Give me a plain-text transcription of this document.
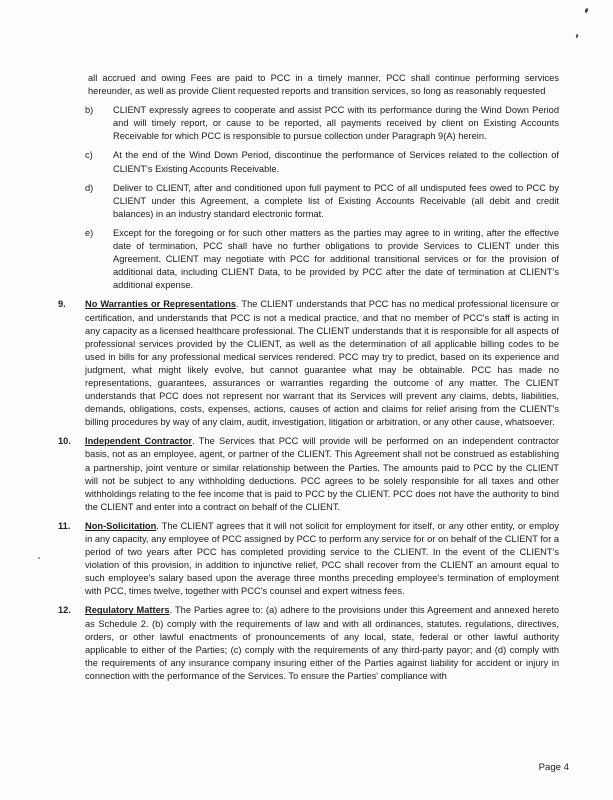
all accrued and owing Fees are paid to PCC in a timely manner, PCC shall continue performing services hereunder, as well as provide Client requested reports and transition services, so long as reasonably requested

b)	CLIENT expressly agrees to cooperate and assist PCC with its performance during the Wind Down Period and will timely report, or cause to be reported, all payments received by client on Existing Accounts Receivable for which PCC is responsible to pursue collection under Paragraph 9(A) herein.

c)	At the end of the Wind Down Period, discontinue the performance of Services related to the collection of CLIENT's Existing Accounts Receivable.

d)	Deliver to CLIENT, after and conditioned upon full payment to PCC of all undisputed fees owed to PCC by CLIENT under this Agreement, a complete list of Existing Accounts Receivable (all debit and credit balances) in an industry standard electronic format.

e)	Except for the foregoing or for such other matters as the parties may agree to in writing, after the effective date of termination, PCC shall have no further obligations to provide Services to CLIENT under this Agreement. CLIENT may negotiate with PCC for additional transitional services or for the provision of additional data, including CLIENT Data, to be provided by PCC after the date of termination at CLIENT's additional expense.

9.	No Warranties or Representations. The CLIENT understands that PCC has no medical professional licensure or certification, and understands that PCC is not a medical practice, and that no member of PCC's staff is acting in any capacity as a licensed healthcare professional. The CLIENT understands that it is responsible for all aspects of professional services provided by the CLIENT, as well as the determination of all applicable billing codes to be used in bills for any professional medical services rendered. PCC may try to predict, based on its experience and judgment, what might likely evolve, but cannot guarantee what may be obtainable. PCC has made no representations, guarantees, assurances or warranties regarding the outcome of any matter. The CLIENT understands that PCC does not represent nor warrant that its Services will prevent any claims, debts, liabilities, demands, obligations, costs, expenses, actions, causes of action and claims for relief arising from the CLIENT's billing procedures by way of any claim, audit, investigation, litigation or arbitration, or any other cause, whatsoever.

10.	Independent Contractor. The Services that PCC will provide will be performed on an independent contractor basis, not as an employee, agent, or partner of the CLIENT. This Agreement shall not be construed as establishing a partnership, joint venture or similar relationship between the Parties. The amounts paid to PCC by the CLIENT will not be subject to any withholding deductions. PCC agrees to be solely responsible for all taxes and other withholdings relating to the fee income that is paid to PCC by the CLIENT. PCC does not have the authority to bind the CLIENT and enter into a contract on behalf of the CLIENT.

11.	Non-Solicitation. The CLIENT agrees that it will not solicit for employment for itself, or any other entity, or employ in any capacity, any employee of PCC assigned by PCC to perform any service for or on behalf of the CLIENT for a period of two years after PCC has completed providing service to the CLIENT. In the event of the CLIENT's violation of this provision, in addition to injunctive relief, PCC shall recover from the CLIENT an amount equal to such employee's salary based upon the average three months preceding employee's termination of employment with PCC, times twelve, together with PCC's counsel and expert witness fees.

12.	Regulatory Matters. The Parties agree to: (a) adhere to the provisions under this Agreement and annexed hereto as Schedule 2. (b) comply with the requirements of law and with all ordinances, statutes. regulations, directives, orders, or other lawful enactments of pronouncements of any local, state, federal or other lawful authority applicable to either of the Parties; (c) comply with the requirements of any third-party payor; and (d) comply with the requirements of any insurance company insuring either of the Parties against liability for accident or injury in connection with the performance of the Services. To ensure the Parties' compliance with

Page 4
